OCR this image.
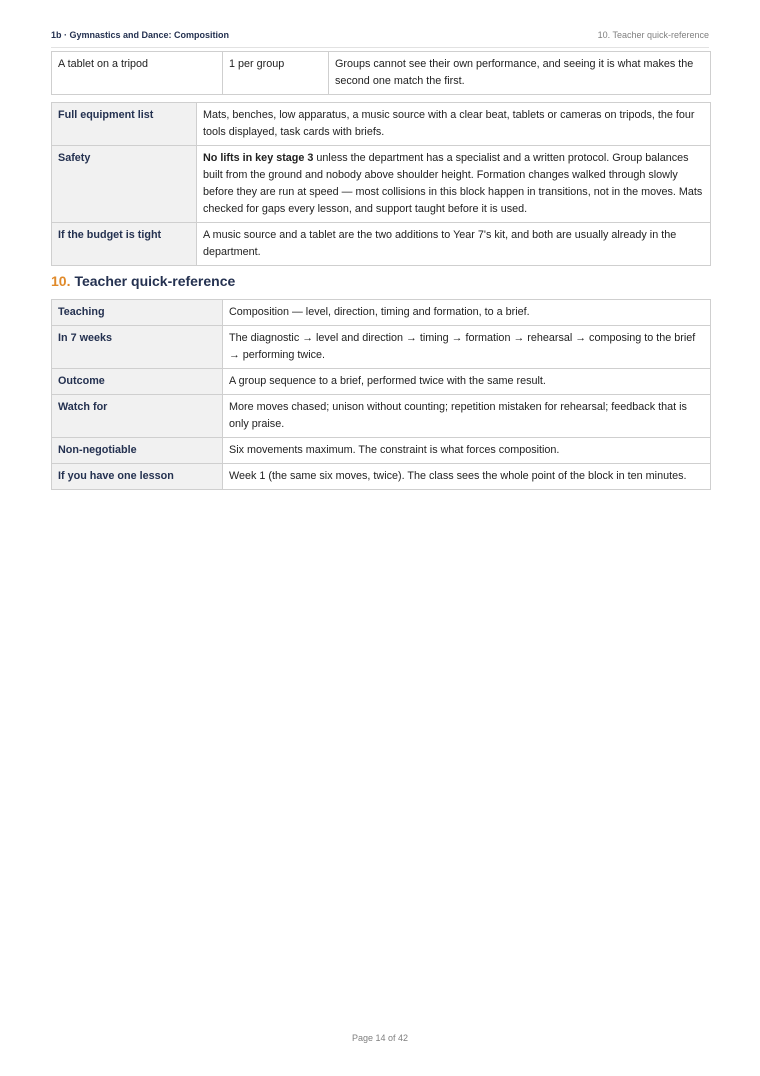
1b · Gymnastics and Dance: Composition	10. Teacher quick-reference
A tablet on a tripod	1 per group	Groups cannot see their own performance, and seeing it is what makes the second one match the first.
Full equipment list	Mats, benches, low apparatus, a music source with a clear beat, tablets or cameras on tripods, the four tools displayed, task cards with briefs.
Safety	No lifts in key stage 3 unless the department has a specialist and a written protocol. Group balances built from the ground and nobody above shoulder height. Formation changes walked through slowly before they are run at speed — most collisions in this block happen in transitions, not in the moves. Mats checked for gaps every lesson, and support taught before it is used.
If the budget is tight	A music source and a tablet are the two additions to Year 7's kit, and both are usually already in the department.
10. Teacher quick-reference
Teaching	Composition — level, direction, timing and formation, to a brief.
In 7 weeks	The diagnostic → level and direction → timing → formation → rehearsal → composing to the brief → performing twice.
Outcome	A group sequence to a brief, performed twice with the same result.
Watch for	More moves chased; unison without counting; repetition mistaken for rehearsal; feedback that is only praise.
Non-negotiable	Six movements maximum. The constraint is what forces composition.
If you have one lesson	Week 1 (the same six moves, twice). The class sees the whole point of the block in ten minutes.
Page 14 of 42
